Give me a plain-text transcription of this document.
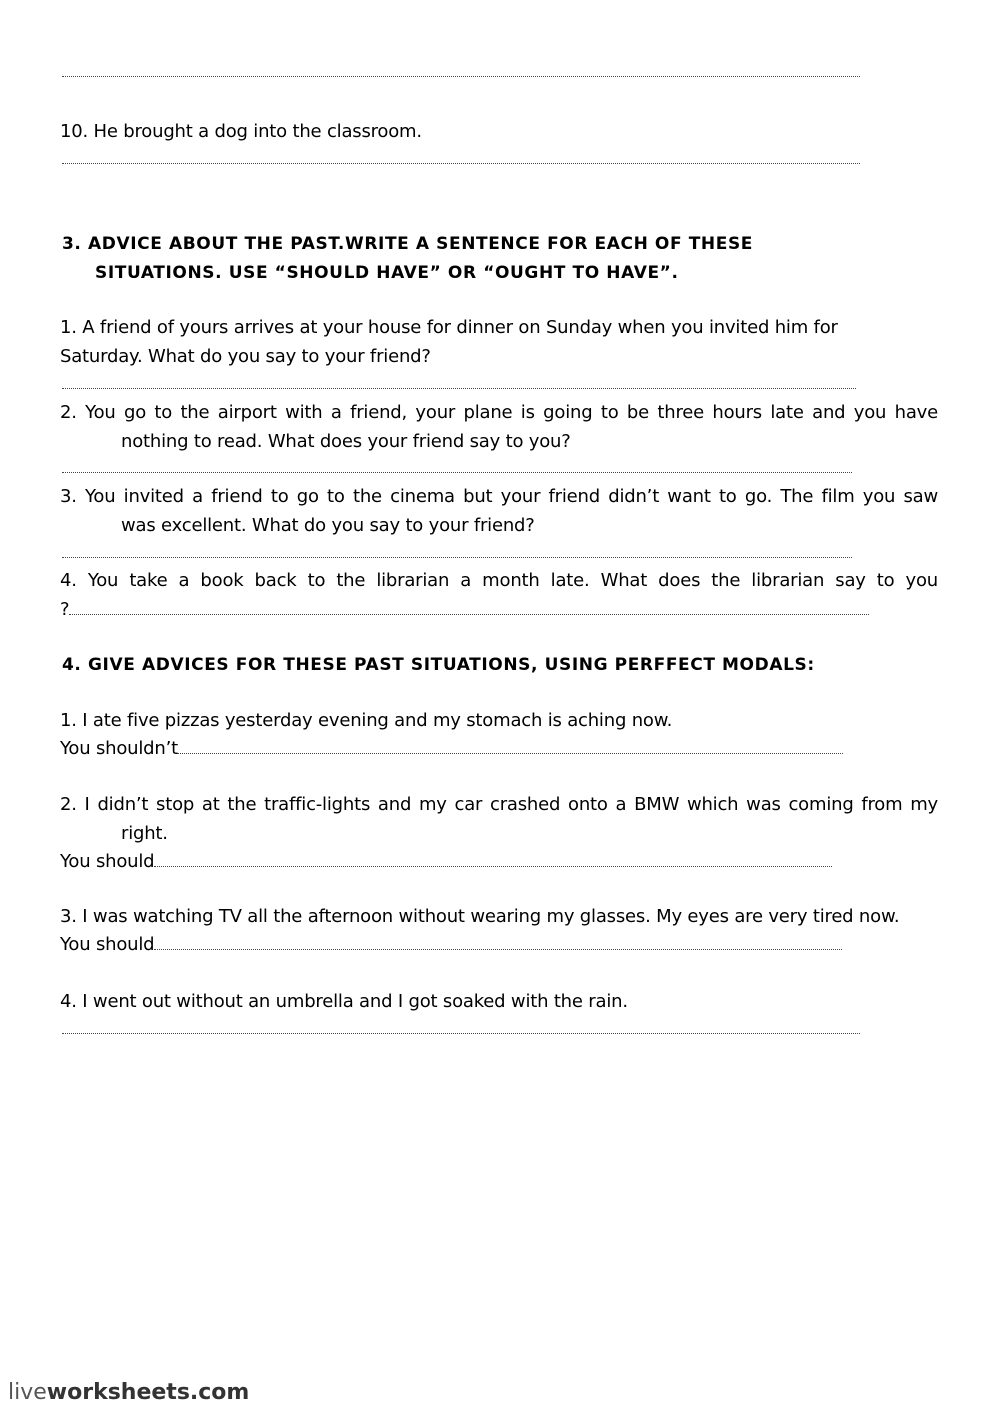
10. He brought a dog into the classroom.
3. ADVICE ABOUT THE PAST.WRITE A SENTENCE FOR EACH OF THESE
SITUATIONS. USE “SHOULD HAVE” OR “OUGHT TO HAVE”.
1. A friend of yours arrives at your house for dinner on Sunday when you invited him for
Saturday. What do you say to your friend?
2. You go to the airport with a friend, your plane is going to be three hours late and you have
nothing to read. What does your friend say to you?
3. You invited a friend to go to the cinema but your friend didn’t want to go. The film you saw
was excellent. What do you say to your friend?
4. You take a book back to the librarian a month late. What does the librarian say to you
?
4. GIVE ADVICES FOR THESE PAST SITUATIONS, USING PERFFECT MODALS:
1. I ate five pizzas yesterday evening and my stomach is aching now.
You shouldn’t
2. I didn’t stop at the traffic-lights and my car crashed onto a BMW which was coming from my
right.
You should
3. I was watching TV all the afternoon without wearing my glasses. My eyes are very tired now.
You should
4. I went out without an umbrella and I got soaked with the rain.
liveworksheets.com
